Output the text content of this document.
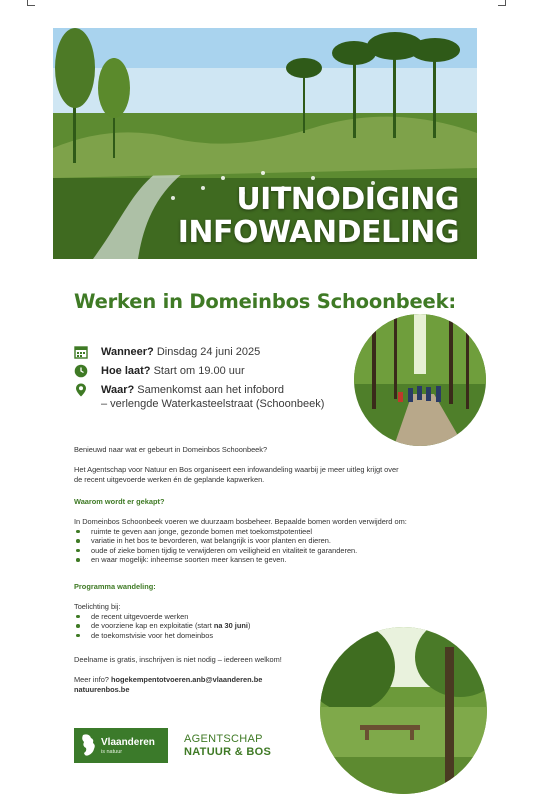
UITNODIGING
INFOWANDELING
Werken in Domeinbos Schoonbeek:
Wanneer? Dinsdag 24 juni 2025
Hoe laat? Start om 19.00 uur
Waar? Samenkomst aan het infobord
– verlengde Waterkasteelstraat (Schoonbeek)

Benieuwd naar wat er gebeurt in Domeinbos Schoonbeek?

Het Agentschap voor Natuur en Bos organiseert een infowandeling waarbij je meer uitleg krijgt over

de recent uitgevoerde werken én de geplande kapwerken.

Waarom wordt er gekapt?

In Domeinbos Schoonbeek voeren we duurzaam bosbeheer. Bepaalde bomen worden verwijderd om:

ruimte te geven aan jonge, gezonde bomen met toekomstpotentieel
variatie in het bos te bevorderen, wat belangrijk is voor planten en dieren.
oude of zieke bomen tijdig te verwijderen om veiligheid en vitaliteit te garanderen.
en waar mogelijk: inheemse soorten meer kansen te geven.

Programma wandeling:

Toelichting bij:

de recent uitgevoerde werken
de voorziene kap en exploitatie (start na 30 juni)
de toekomstvisie voor het domeinbos

Deelname is gratis, inschrijven is niet nodig – iedereen welkom!

Meer info? hogekempentotvoeren.anb@vlaanderen.be

natuurenbos.be

Vlaanderen
is natuur
AGENTSCHAP
NATUUR & BOS
